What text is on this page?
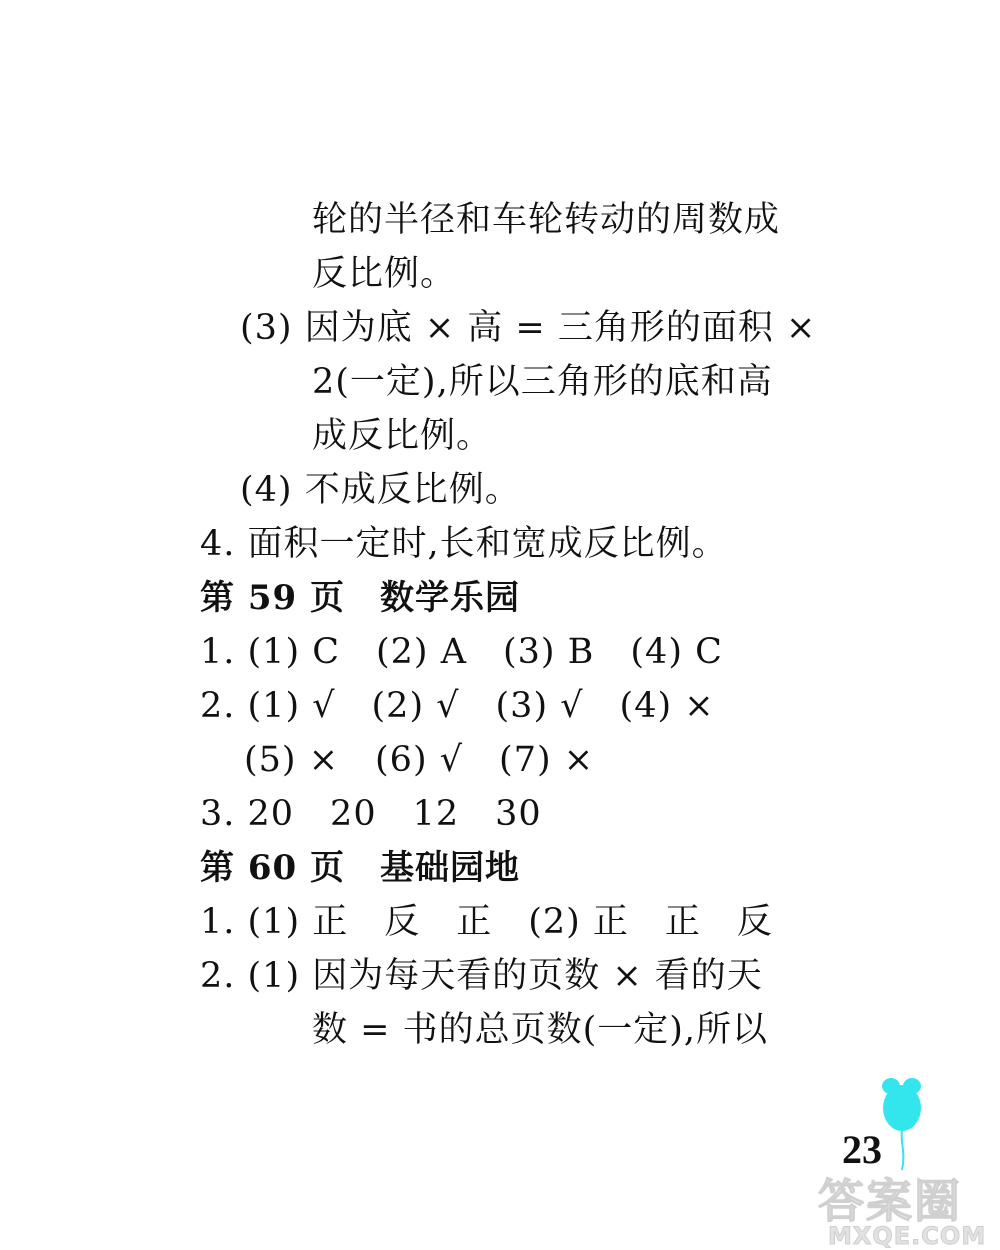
轮的半径和车轮转动的周数成
反比例。
(3) 因为底 × 高 = 三角形的面积 ×
2(一定),所以三角形的底和高
成反比例。
(4) 不成反比例。
4. 面积一定时,长和宽成反比例。
第 59 页　数学乐园
1. (1) C　(2) A　(3) B　(4) C
2. (1) √　(2) √　(3) √　(4) ×
(5) ×　(6) √　(7) ×
3. 20　20　12　30
第 60 页　基础园地
1. (1) 正　反　正　(2) 正　正　反
2. (1) 因为每天看的页数 × 看的天
数 = 书的总页数(一定),所以
23
答案圈
MXQE.COM
